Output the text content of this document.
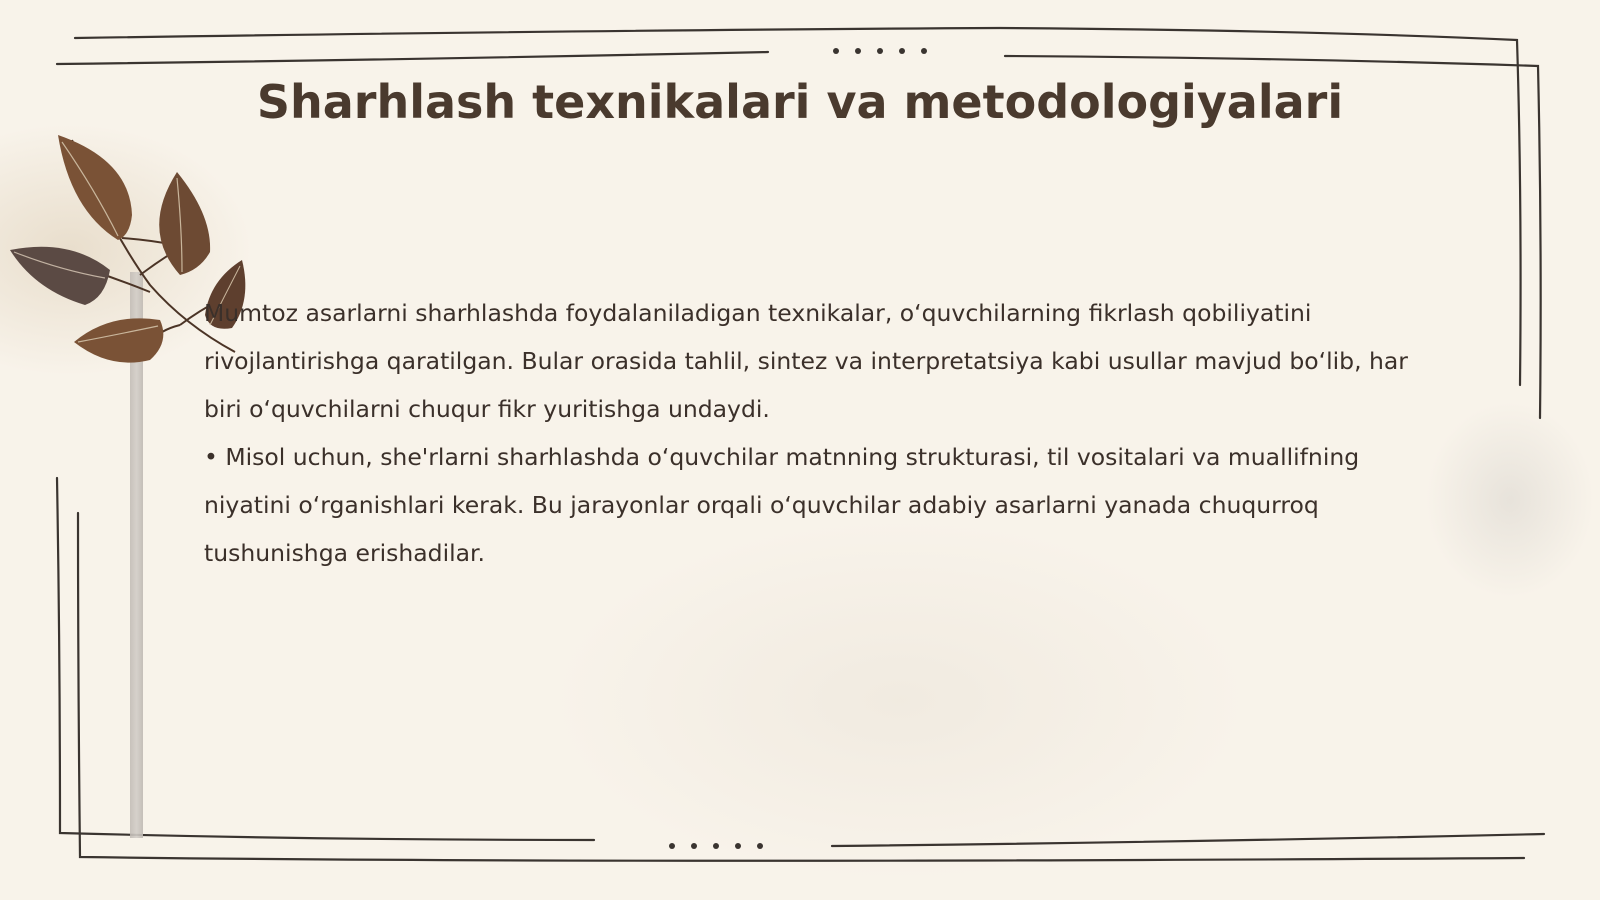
Sharhlash texnikalari va metodologiyalari

Mumtoz asarlarni sharhlashda foydalaniladigan texnikalar, o‘quvchilarning fikrlash qobiliyatini rivojlantirishga qaratilgan. Bular orasida tahlil, sintez va interpretatsiya kabi usullar mavjud bo‘lib, har biri o‘quvchilarni chuqur fikr yuritishga undaydi.

• Misol uchun, she'rlarni sharhlashda o‘quvchilar matnning strukturasi, til vositalari va muallifning niyatini o‘rganishlari kerak. Bu jarayonlar orqali o‘quvchilar adabiy asarlarni yanada chuqurroq tushunishga erishadilar.
